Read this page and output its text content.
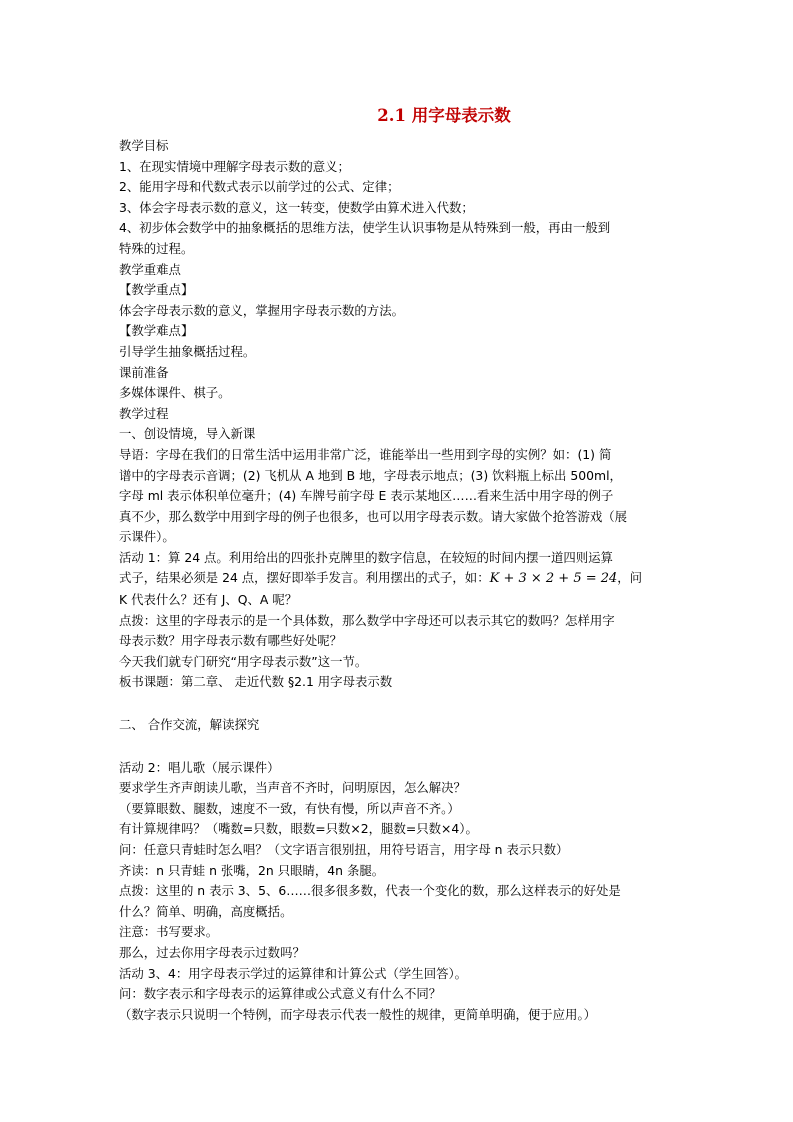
2.1 用字母表示数
教学目标
1、在现实情境中理解字母表示数的意义；
2、能用字母和代数式表示以前学过的公式、定律；
3、体会字母表示数的意义，这一转变，使数学由算术进入代数；
4、初步体会数学中的抽象概括的思维方法，使学生认识事物是从特殊到一般，再由一般到
特殊的过程。
教学重难点
【教学重点】
体会字母表示数的意义，掌握用字母表示数的方法。
【教学难点】
引导学生抽象概括过程。
课前准备
多媒体课件、棋子。
教学过程
一、创设情境，导入新课
导语：字母在我们的日常生活中运用非常广泛，谁能举出一些用到字母的实例？如：(1) 简
谱中的字母表示音调；(2) 飞机从 A 地到 B 地，字母表示地点；(3) 饮料瓶上标出 500ml，
字母 ml 表示体积单位毫升；(4) 车牌号前字母 E 表示某地区……看来生活中用字母的例子
真不少，那么数学中用到字母的例子也很多，也可以用字母表示数。请大家做个抢答游戏（展
示课件）。
活动 1：算 24 点。利用给出的四张扑克牌里的数字信息，在较短的时间内摆一道四则运算
式子，结果必须是 24 点，摆好即举手发言。利用摆出的式子，如：K + 3 × 2 + 5 = 24，问
K 代表什么？还有 J、Q、A 呢？
点拨：这里的字母表示的是一个具体数，那么数学中字母还可以表示其它的数吗？怎样用字
母表示数？用字母表示数有哪些好处呢？
今天我们就专门研究“用字母表示数”这一节。
板书课题：第二章、 走近代数 §2.1 用字母表示数
二、 合作交流，解读探究
活动 2：唱儿歌（展示课件）
要求学生齐声朗读儿歌，当声音不齐时，问明原因，怎么解决？
（要算眼数、腿数，速度不一致，有快有慢，所以声音不齐。）
有计算规律吗？（嘴数=只数，眼数=只数×2，腿数=只数×4）。
问：任意只青蛙时怎么唱？（文字语言很别扭，用符号语言，用字母 n 表示只数）
齐读：n 只青蛙 n 张嘴，2n 只眼睛，4n 条腿。
点拨：这里的 n 表示 3、5、6……很多很多数，代表一个变化的数，那么这样表示的好处是
什么？简单、明确，高度概括。
注意：书写要求。
那么，过去你用字母表示过数吗？
活动 3、4：用字母表示学过的运算律和计算公式（学生回答）。
问：数字表示和字母表示的运算律或公式意义有什么不同？
（数字表示只说明一个特例，而字母表示代表一般性的规律，更简单明确，便于应用。）
